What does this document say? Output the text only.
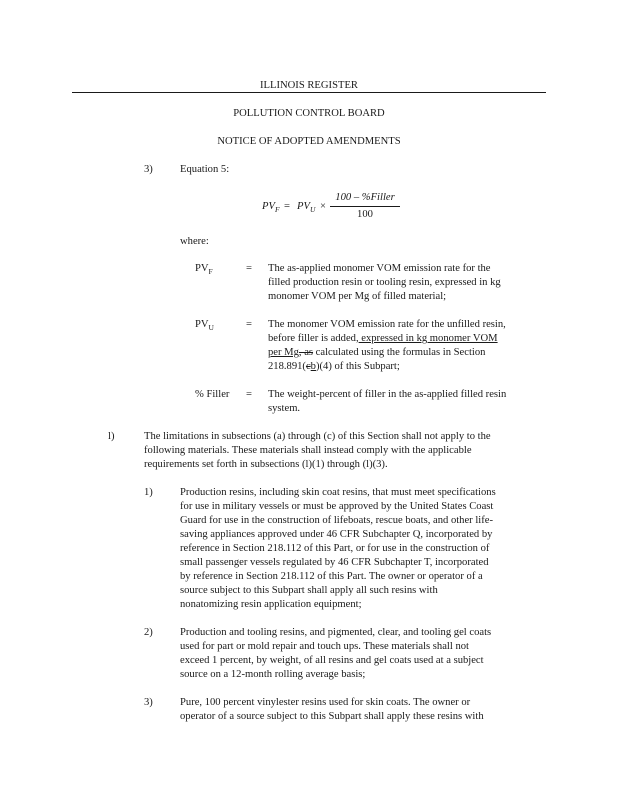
ILLINOIS REGISTER
POLLUTION CONTROL BOARD
NOTICE OF ADOPTED AMENDMENTS
3)	Equation 5:
$PV_F = PV_U$ ×
100 – %Filler
100
where:
$PV_F$	= The as-applied monomer VOM emission rate for the
filled production resin or tooling resin, expressed in kg
monomer VOM per Mg of filled material;
$PV_U$	= The monomer VOM emission rate for the unfilled resin,
before filler is added, expressed in kg monomer VOM
per Mg, as calculated using the formulas in Section
218.891(cb)(4) of this Subpart;
% Filler = The weight-percent of filler in the as-applied filled resin
system.
l)	The limitations in subsections (a) through (c) of this Section shall not apply to the
following materials. These materials shall instead comply with the applicable
requirements set forth in subsections (l)(1) through (l)(3).
1)	Production resins, including skin coat resins, that must meet specifications
for use in military vessels or must be approved by the United States Coast
Guard for use in the construction of lifeboats, rescue boats, and other life-
saving appliances approved under 46 CFR Subchapter Q, incorporated by
reference in Section 218.112 of this Part, or for use in the construction of
small passenger vessels regulated by 46 CFR Subchapter T, incorporated
by reference in Section 218.112 of this Part. The owner or operator of a
source subject to this Subpart shall apply all such resins with
nonatomizing resin application equipment;
2)	Production and tooling resins, and pigmented, clear, and tooling gel coats
used for part or mold repair and touch ups. These materials shall not
exceed 1 percent, by weight, of all resins and gel coats used at a subject
source on a 12-month rolling average basis;
3)	Pure, 100 percent vinylester resins used for skin coats. The owner or
operator of a source subject to this Subpart shall apply these resins with
